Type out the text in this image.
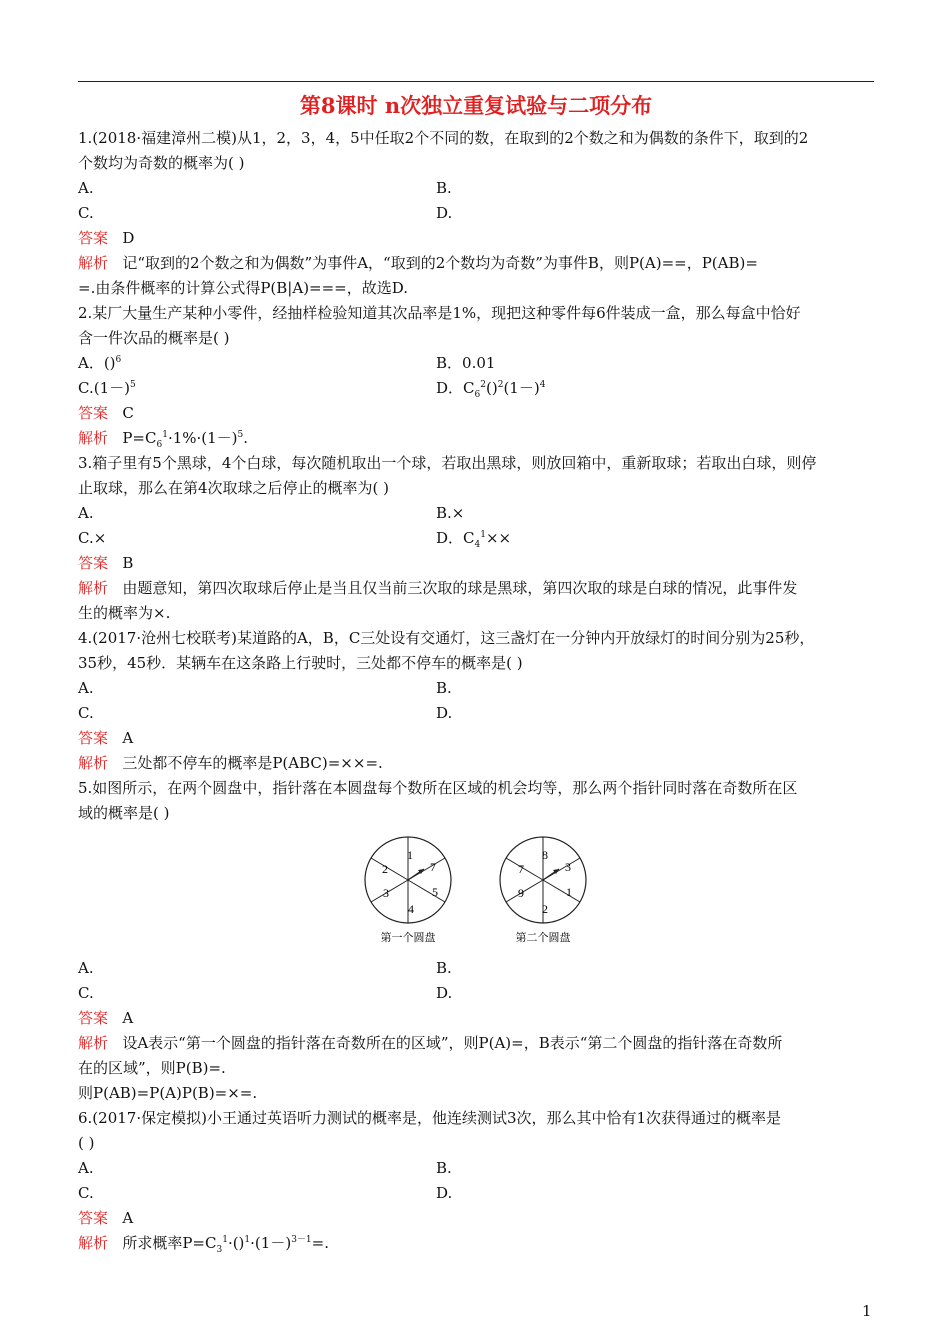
第8课时 n次独立重复试验与二项分布
1.(2018·福建漳州二模)从1，2，3，4，5中任取2个不同的数，在取到的2个数之和为偶数的条件下，取到的2
个数均为奇数的概率为( )
A.	B.
C.	D.
答案 D
解析 记“取到的2个数之和为偶数”为事件A，“取到的2个数均为奇数”为事件B，则P(A)==，P(AB)=
=.由条件概率的计算公式得P(B|A)===，故选D.
2.某厂大量生产某种小零件，经抽样检验知道其次品率是1%，现把这种零件每6件装成一盒，那么每盒中恰好
含一件次品的概率是( )
A．()$^6$	B．0.01
$C.(1-)^5$	D．$C_6^2()^2(1-)^4$
答案 C
解析 $P=C_6^1\cdot 1\%\cdot(1-)^5$.
3.箱子里有5个黑球，4个白球，每次随机取出一个球，若取出黑球，则放回箱中，重新取球；若取出白球，则停
止取球，那么在第4次取球之后停止的概率为( )
A.	B.×
C.×	D．$C_4^1\times\times$
答案 B
解析 由题意知，第四次取球后停止是当且仅当前三次取的球是黑球，第四次取的球是白球的情况，此事件发
生的概率为×.
4.(2017·沧州七校联考)某道路的A，B，C三处设有交通灯，这三盏灯在一分钟内开放绿灯的时间分别为25秒，
35秒，45秒．某辆车在这条路上行驶时，三处都不停车的概率是( )
A.	B.
C.	D.
答案 A
解析 三处都不停车的概率是P(ABC)=××=.
5.如图所示，在两个圆盘中，指针落在本圆盘每个数所在区域的机会均等，那么两个指针同时落在奇数所在区
域的概率是( )
1
7
5
4
3
2
第一个圆盘
8
3
1
2
9
7
第二个圆盘
A.	B.
C.	D.
答案 A
解析 设A表示“第一个圆盘的指针落在奇数所在的区域”，则P(A)=，B表示“第二个圆盘的指针落在奇数所
在的区域”，则P(B)=.
则P(AB)=P(A)P(B)=×=.
6.(2017·保定模拟)小王通过英语听力测试的概率是，他连续测试3次，那么其中恰有1次获得通过的概率是
( )
A.	B.
C.	D.
答案 A
解析 所求概率$P=C_3^1\cdot()^1\cdot(1-)^{3-1}=$.
1
